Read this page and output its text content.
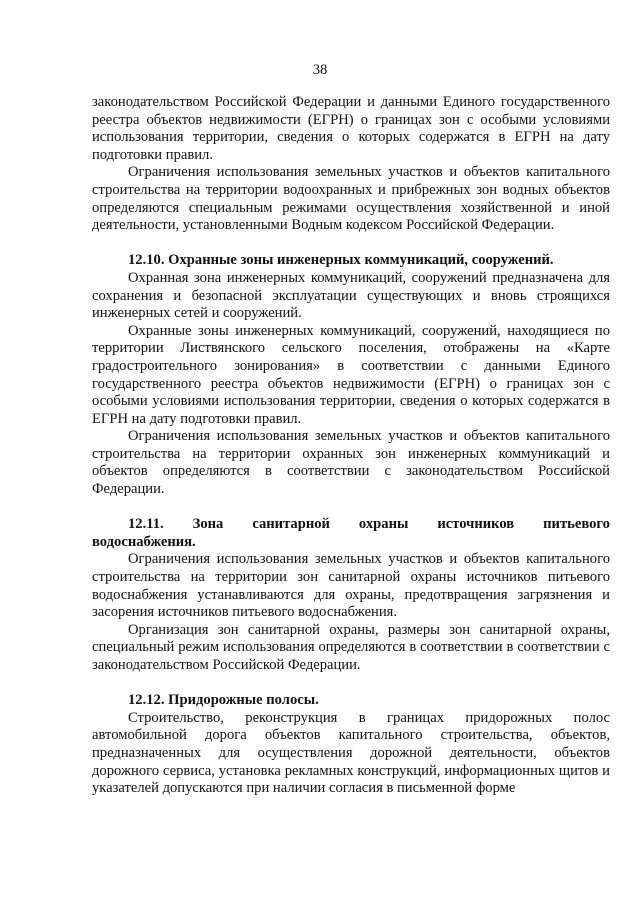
38

законодательством Российской Федерации и данными Единого государственного реестра объектов недвижимости (ЕГРН) о границах зон с особыми условиями использования территории, сведения о которых содержатся в ЕГРН на дату подготовки правил.

Ограничения использования земельных участков и объектов капитального строительства на территории водоохранных и прибрежных зон водных объектов определяются специальным режимами осуществления хозяйственной и иной деятельности, установленными Водным кодексом Российской Федерации.

12.10. Охранные зоны инженерных коммуникаций, сооружений.

Охранная зона инженерных коммуникаций, сооружений предназначена для сохранения и безопасной эксплуатации существующих и вновь строящихся инженерных сетей и сооружений.

Охранные зоны инженерных коммуникаций, сооружений, находящиеся по территории Листвянского сельского поселения, отображены на «Карте градостроительного зонирования» в соответствии с данными Единого государственного реестра объектов недвижимости (ЕГРН) о границах зон с особыми условиями использования территории, сведения о которых содержатся в ЕГРН на дату подготовки правил.

Ограничения использования земельных участков и объектов капитального строительства на территории охранных зон инженерных коммуникаций и объектов определяются в соответствии с законодательством Российской Федерации.

12.11. Зона санитарной охраны источников питьевого

водоснабжения.

Ограничения использования земельных участков и объектов капитального строительства на территории зон санитарной охраны источников питьевого водоснабжения устанавливаются для охраны, предотвращения загрязнения и засорения источников питьевого водоснабжения.

Организация зон санитарной охраны, размеры зон санитарной охраны, специальный режим использования определяются в соответствии в соответствии с законодательством Российской Федерации.

12.12. Придорожные полосы.

Строительство, реконструкция в границах придорожных полос автомобильной дорога объектов капитального строительства, объектов, предназначенных для осуществления дорожной деятельности, объектов дорожного сервиса, установка рекламных конструкций, информационных щитов и указателей допускаются при наличии согласия в письменной форме
